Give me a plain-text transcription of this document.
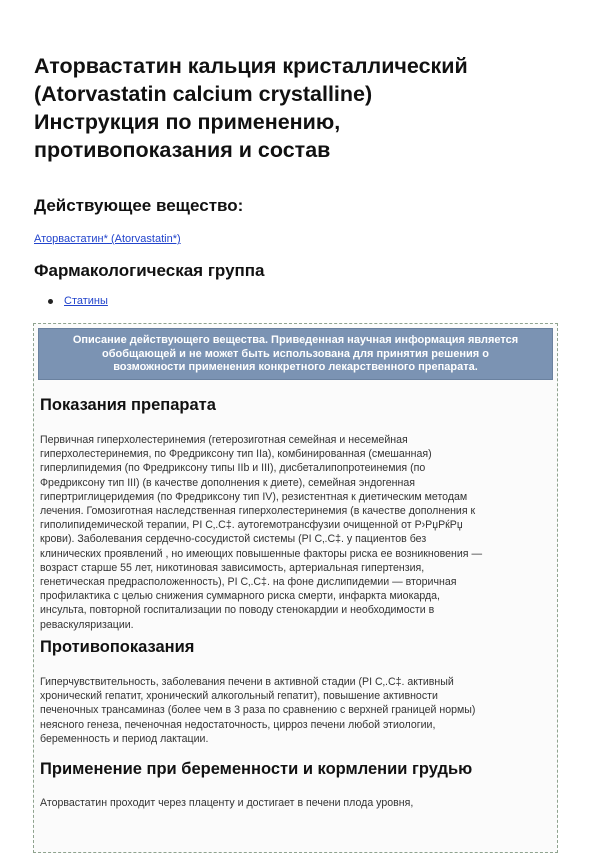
Аторвастатин кальция кристаллический
(Atorvastatin calcium crystalline)
Инструкция по применению,
противопоказания и состав
Действующее вещество:
Аторвастатин* (Atorvastatin*)
Фармакологическая группа
Статины
Описание действующего вещества. Приведенная научная информация является
обобщающей и не может быть использована для принятия решения о
возможности применения конкретного лекарственного препарата.
Показания препарата

Первичная гиперхолестеринемия (гетерозиготная семейная и несемейная
гиперхолестеринемия, по Фредриксону тип IIa), комбинированная (смешанная)
гиперлипидемия (по Фредриксону типы IIb и III), дисбеталипопротеинемия (по
Фредриксону тип III) (в качестве дополнения к диете), семейная эндогенная
гипертриглицеридемия (по Фредриксону тип IV), резистентная к диетическим методам
лечения. Гомозиготная наследственная гиперхолестеринемия (в качестве дополнения к
гиполипидемической терапии, РІ С‚.С‡. аутогемотрансфузии очищенной от Р›РџРќРџ
крови). Заболевания сердечно-сосудистой системы (РІ С‚.С‡. у пациентов без
клинических проявлений , но имеющих повышенные факторы риска ее возникновения —
возраст старше 55 лет, никотиновая зависимость, артериальная гипертензия,
генетическая предрасположенность), РІ С‚.С‡. на фоне дислипидемии — вторичная
профилактика с целью снижения суммарного риска смерти, инфаркта миокарда,
инсульта, повторной госпитализации по поводу стенокардии и необходимости в
реваскуляризации.

Противопоказания

Гиперчувствительность, заболевания печени в активной стадии (РІ С‚.С‡. активный
хронический гепатит, хронический алкогольный гепатит), повышение активности
печеночных трансаминаз (более чем в 3 раза по сравнению с верхней границей нормы)
неясного генеза, печеночная недостаточность, цирроз печени любой этиологии,
беременность и период лактации.

Применение при беременности и кормлении грудью

Аторвастатин проходит через плаценту и достигает в печени плода уровня,
